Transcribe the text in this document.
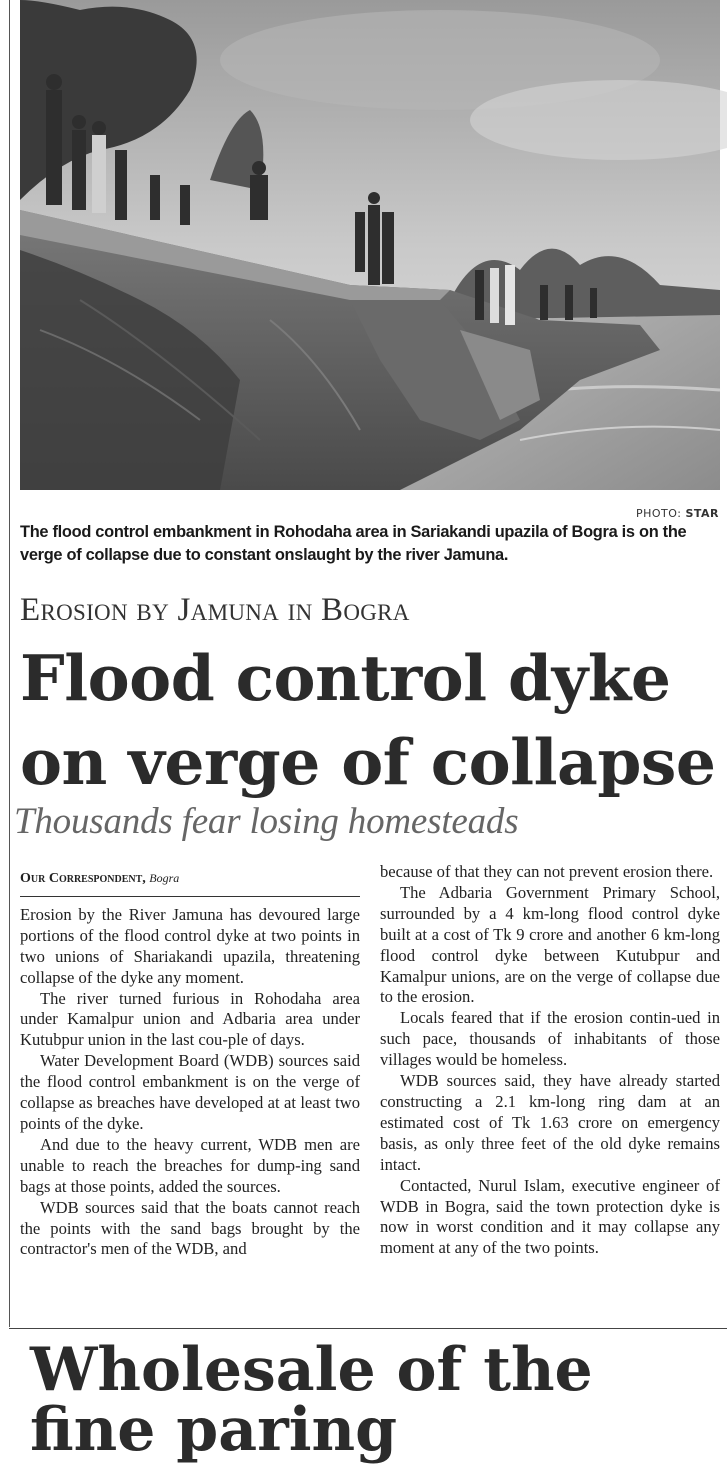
PHOTO: STAR
The flood control embankment in Rohodaha area in Sariakandi upazila of Bogra is on the verge of collapse due to constant onslaught by the river Jamuna.
Erosion by Jamuna in Bogra
Flood control dyke on verge of collapse
Thousands fear losing homesteads
Our Correspondent, Bogra

Erosion by the River Jamuna has devoured large portions of the flood control dyke at two points in two unions of Shariakandi upazila, threatening collapse of the dyke any moment.

The river turned furious in Rohodaha area under Kamalpur union and Adbaria area under Kutubpur union in the last cou-ple of days.

Water Development Board (WDB) sources said the flood control embankment is on the verge of collapse as breaches have developed at at least two points of the dyke.

And due to the heavy current, WDB men are unable to reach the breaches for dump-ing sand bags at those points, added the sources.

WDB sources said that the boats cannot reach the points with the sand bags brought by the contractor's men of the WDB, and

because of that they can not prevent erosion there.

The Adbaria Government Primary School, surrounded by a 4 km-long flood control dyke built at a cost of Tk 9 crore and another 6 km-long flood control dyke between Kutubpur and Kamalpur unions, are on the verge of collapse due to the erosion.

Locals feared that if the erosion contin-ued in such pace, thousands of inhabitants of those villages would be homeless.

WDB sources said, they have already started constructing a 2.1 km-long ring dam at an estimated cost of Tk 1.63 crore on emergency basis, as only three feet of the old dyke remains intact.

Contacted, Nurul Islam, executive engineer of WDB in Bogra, said the town protection dyke is now in worst condition and it may collapse any moment at any of the two points.

Wholesale of the fine paring
